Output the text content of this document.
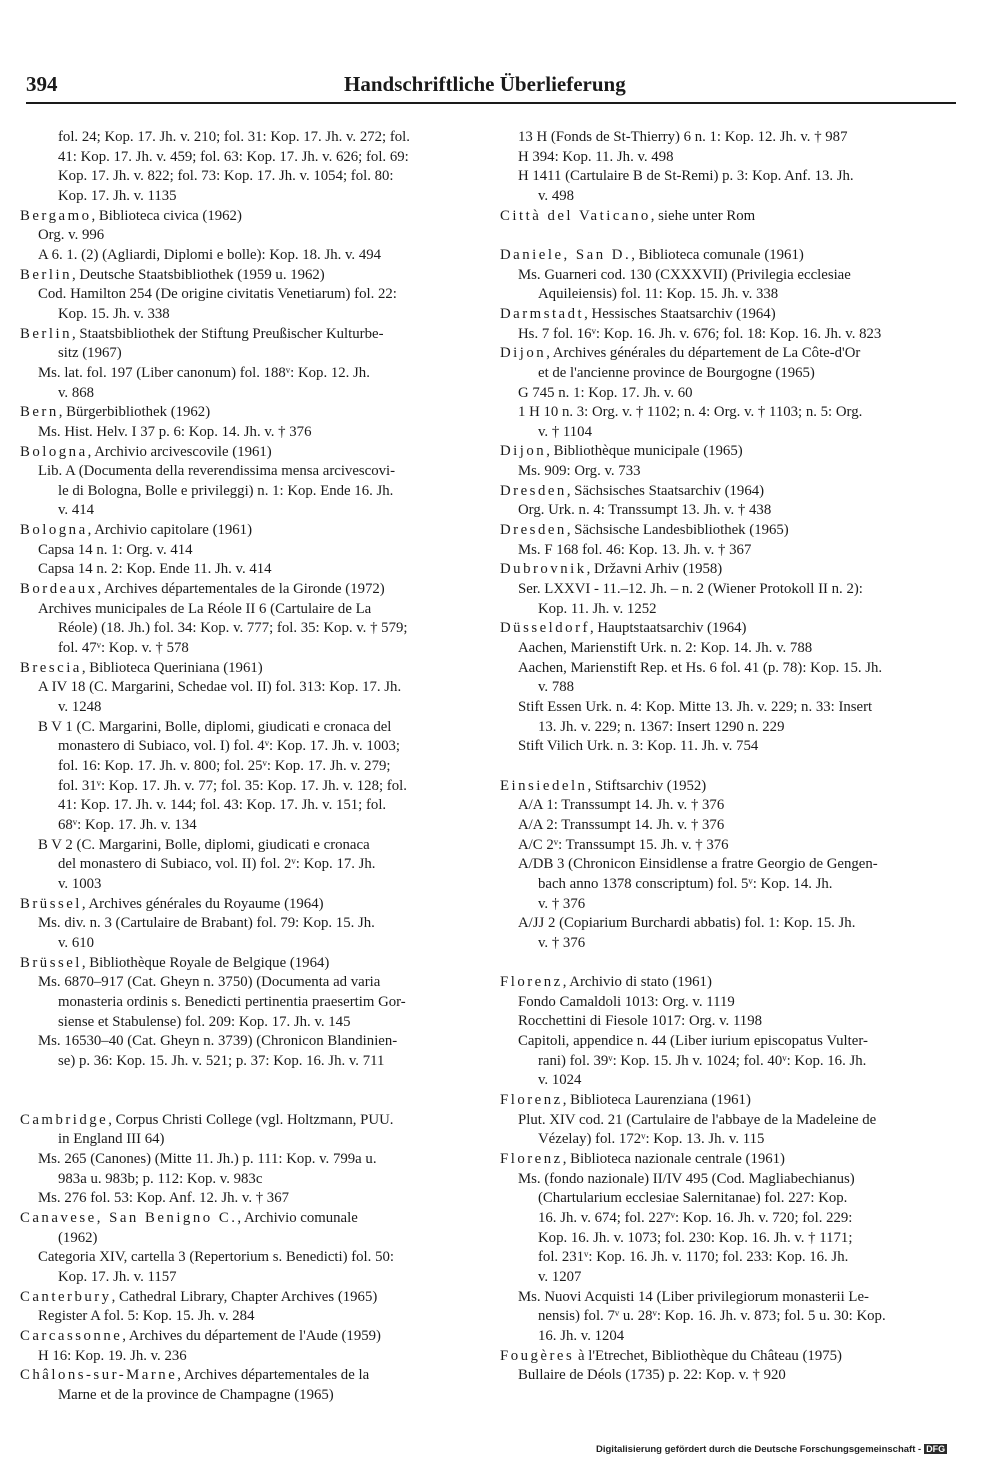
394	Handschriftliche Überlieferung
fol. 24; Kop. 17. Jh. v. 210; fol. 31: Kop. 17. Jh. v. 272; fol.
41: Kop. 17. Jh. v. 459; fol. 63: Kop. 17. Jh. v. 626; fol. 69:
Kop. 17. Jh. v. 822; fol. 73: Kop. 17. Jh. v. 1054; fol. 80:
Kop. 17. Jh. v. 1135
Bergamo, Biblioteca civica (1962)
Org. v. 996
A 6. 1. (2) (Agliardi, Diplomi e bolle): Kop. 18. Jh. v. 494
Berlin, Deutsche Staatsbibliothek (1959 u. 1962)
Cod. Hamilton 254 (De origine civitatis Venetiarum) fol. 22:
Kop. 15. Jh. v. 338
Berlin, Staatsbibliothek der Stiftung Preußischer Kulturbe-
sitz (1967)
Ms. lat. fol. 197 (Liber canonum) fol. 188ᵛ: Kop. 12. Jh.
v. 868
Bern, Bürgerbibliothek (1962)
Ms. Hist. Helv. I 37 p. 6: Kop. 14. Jh. v. † 376
Bologna, Archivio arcivescovile (1961)
Lib. A (Documenta della reverendissima mensa arcivescovi-
le di Bologna, Bolle e privileggi) n. 1: Kop. Ende 16. Jh.
v. 414
Bologna, Archivio capitolare (1961)
Capsa 14 n. 1: Org. v. 414
Capsa 14 n. 2: Kop. Ende 11. Jh. v. 414
Bordeaux, Archives départementales de la Gironde (1972)
Archives municipales de La Réole II 6 (Cartulaire de La
Réole) (18. Jh.) fol. 34: Kop. v. 777; fol. 35: Kop. v. † 579;
fol. 47ᵛ: Kop. v. † 578
Brescia, Biblioteca Queriniana (1961)
A IV 18 (C. Margarini, Schedae vol. II) fol. 313: Kop. 17. Jh.
v. 1248
B V 1 (C. Margarini, Bolle, diplomi, giudicati e cronaca del
monastero di Subiaco, vol. I) fol. 4ᵛ: Kop. 17. Jh. v. 1003;
fol. 16: Kop. 17. Jh. v. 800; fol. 25ᵛ: Kop. 17. Jh. v. 279;
fol. 31ᵛ: Kop. 17. Jh. v. 77; fol. 35: Kop. 17. Jh. v. 128; fol.
41: Kop. 17. Jh. v. 144; fol. 43: Kop. 17. Jh. v. 151; fol.
68ᵛ: Kop. 17. Jh. v. 134
B V 2 (C. Margarini, Bolle, diplomi, giudicati e cronaca
del monastero di Subiaco, vol. II) fol. 2ᵛ: Kop. 17. Jh.
v. 1003
Brüssel, Archives générales du Royaume (1964)
Ms. div. n. 3 (Cartulaire de Brabant) fol. 79: Kop. 15. Jh.
v. 610
Brüssel, Bibliothèque Royale de Belgique (1964)
Ms. 6870–917 (Cat. Gheyn n. 3750) (Documenta ad varia
monasteria ordinis s. Benedicti pertinentia praesertim Gor-
siense et Stabulense) fol. 209: Kop. 17. Jh. v. 145
Ms. 16530–40 (Cat. Gheyn n. 3739) (Chronicon Blandinien-
se) p. 36: Kop. 15. Jh. v. 521; p. 37: Kop. 16. Jh. v. 711
Cambridge, Corpus Christi College (vgl. Holtzmann, PUU.
in England III 64)
Ms. 265 (Canones) (Mitte 11. Jh.) p. 111: Kop. v. 799a u.
983a u. 983b; p. 112: Kop. v. 983c
Ms. 276 fol. 53: Kop. Anf. 12. Jh. v. † 367
Canavese, San Benigno C., Archivio comunale
(1962)
Categoria XIV, cartella 3 (Repertorium s. Benedicti) fol. 50:
Kop. 17. Jh. v. 1157
Canterbury, Cathedral Library, Chapter Archives (1965)
Register A fol. 5: Kop. 15. Jh. v. 284
Carcassonne, Archives du département de l'Aude (1959)
H 16: Kop. 19. Jh. v. 236
Châlons-sur-Marne, Archives départementales de la
Marne et de la province de Champagne (1965)
13 H (Fonds de St-Thierry) 6 n. 1: Kop. 12. Jh. v. † 987
H 394: Kop. 11. Jh. v. 498
H 1411 (Cartulaire B de St-Remi) p. 3: Kop. Anf. 13. Jh.
v. 498
Città del Vaticano, siehe unter Rom
Daniele, San D., Biblioteca comunale (1961)
Ms. Guarneri cod. 130 (CXXXVII) (Privilegia ecclesiae
Aquileiensis) fol. 11: Kop. 15. Jh. v. 338
Darmstadt, Hessisches Staatsarchiv (1964)
Hs. 7 fol. 16ᵛ: Kop. 16. Jh. v. 676; fol. 18: Kop. 16. Jh. v. 823
Dijon, Archives générales du département de La Côte-d'Or
et de l'ancienne province de Bourgogne (1965)
G 745 n. 1: Kop. 17. Jh. v. 60
1 H 10 n. 3: Org. v. † 1102; n. 4: Org. v. † 1103; n. 5: Org.
v. † 1104
Dijon, Bibliothèque municipale (1965)
Ms. 909: Org. v. 733
Dresden, Sächsisches Staatsarchiv (1964)
Org. Urk. n. 4: Transsumpt 13. Jh. v. † 438
Dresden, Sächsische Landesbibliothek (1965)
Ms. F 168 fol. 46: Kop. 13. Jh. v. † 367
Dubrovnik, Državni Arhiv (1958)
Ser. LXXVI - 11.–12. Jh. – n. 2 (Wiener Protokoll II n. 2):
Kop. 11. Jh. v. 1252
Düsseldorf, Hauptstaatsarchiv (1964)
Aachen, Marienstift Urk. n. 2: Kop. 14. Jh. v. 788
Aachen, Marienstift Rep. et Hs. 6 fol. 41 (p. 78): Kop. 15. Jh.
v. 788
Stift Essen Urk. n. 4: Kop. Mitte 13. Jh. v. 229; n. 33: Insert
13. Jh. v. 229; n. 1367: Insert 1290 n. 229
Stift Vilich Urk. n. 3: Kop. 11. Jh. v. 754
Einsiedeln, Stiftsarchiv (1952)
A/A 1: Transsumpt 14. Jh. v. † 376
A/A 2: Transsumpt 14. Jh. v. † 376
A/C 2ᵛ: Transsumpt 15. Jh. v. † 376
A/DB 3 (Chronicon Einsidlense a fratre Georgio de Gengen-
bach anno 1378 conscriptum) fol. 5ᵛ: Kop. 14. Jh.
v. † 376
A/JJ 2 (Copiarium Burchardi abbatis) fol. 1: Kop. 15. Jh.
v. † 376
Florenz, Archivio di stato (1961)
Fondo Camaldoli 1013: Org. v. 1119
Rocchettini di Fiesole 1017: Org. v. 1198
Capitoli, appendice n. 44 (Liber iurium episcopatus Vulter-
rani) fol. 39ᵛ: Kop. 15. Jh v. 1024; fol. 40ᵛ: Kop. 16. Jh.
v. 1024
Florenz, Biblioteca Laurenziana (1961)
Plut. XIV cod. 21 (Cartulaire de l'abbaye de la Madeleine de
Vézelay) fol. 172ᵛ: Kop. 13. Jh. v. 115
Florenz, Biblioteca nazionale centrale (1961)
Ms. (fondo nazionale) II/IV 495 (Cod. Magliabechianus)
(Chartularium ecclesiae Salernitanae) fol. 227: Kop.
16. Jh. v. 674; fol. 227ᵛ: Kop. 16. Jh. v. 720; fol. 229:
Kop. 16. Jh. v. 1073; fol. 230: Kop. 16. Jh. v. † 1171;
fol. 231ᵛ: Kop. 16. Jh. v. 1170; fol. 233: Kop. 16. Jh.
v. 1207
Ms. Nuovi Acquisti 14 (Liber privilegiorum monasterii Le-
nensis) fol. 7ᵛ u. 28ᵛ: Kop. 16. Jh. v. 873; fol. 5 u. 30: Kop.
16. Jh. v. 1204
Fougères à l'Etrechet, Bibliothèque du Château (1975)
Bullaire de Déols (1735) p. 22: Kop. v. † 920
Digitalisierung gefördert durch die Deutsche Forschungsgemeinschaft - DFG
